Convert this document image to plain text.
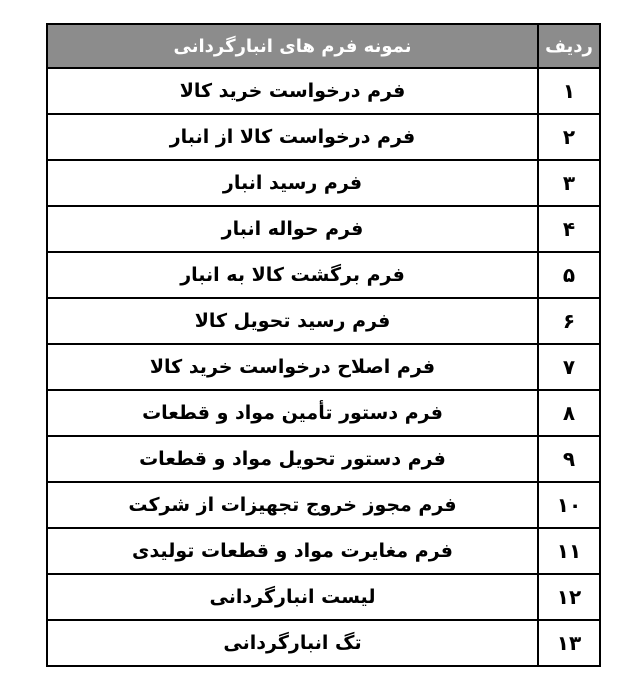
ردیف	نمونه فرم های انبارگردانی
۱	فرم درخواست خرید کالا
۲	فرم درخواست کالا از انبار
۳	فرم رسید انبار
۴	فرم حواله انبار
۵	فرم برگشت کالا به انبار
۶	فرم رسید تحویل کالا
۷	فرم اصلاح درخواست خرید کالا
۸	فرم دستور تأمین مواد و قطعات
۹	فرم دستور تحویل مواد و قطعات
۱۰	فرم مجوز خروج تجهیزات از شرکت
۱۱	فرم مغایرت مواد و قطعات تولیدی
۱۲	لیست انبارگردانی
۱۳	تگ انبارگردانی
